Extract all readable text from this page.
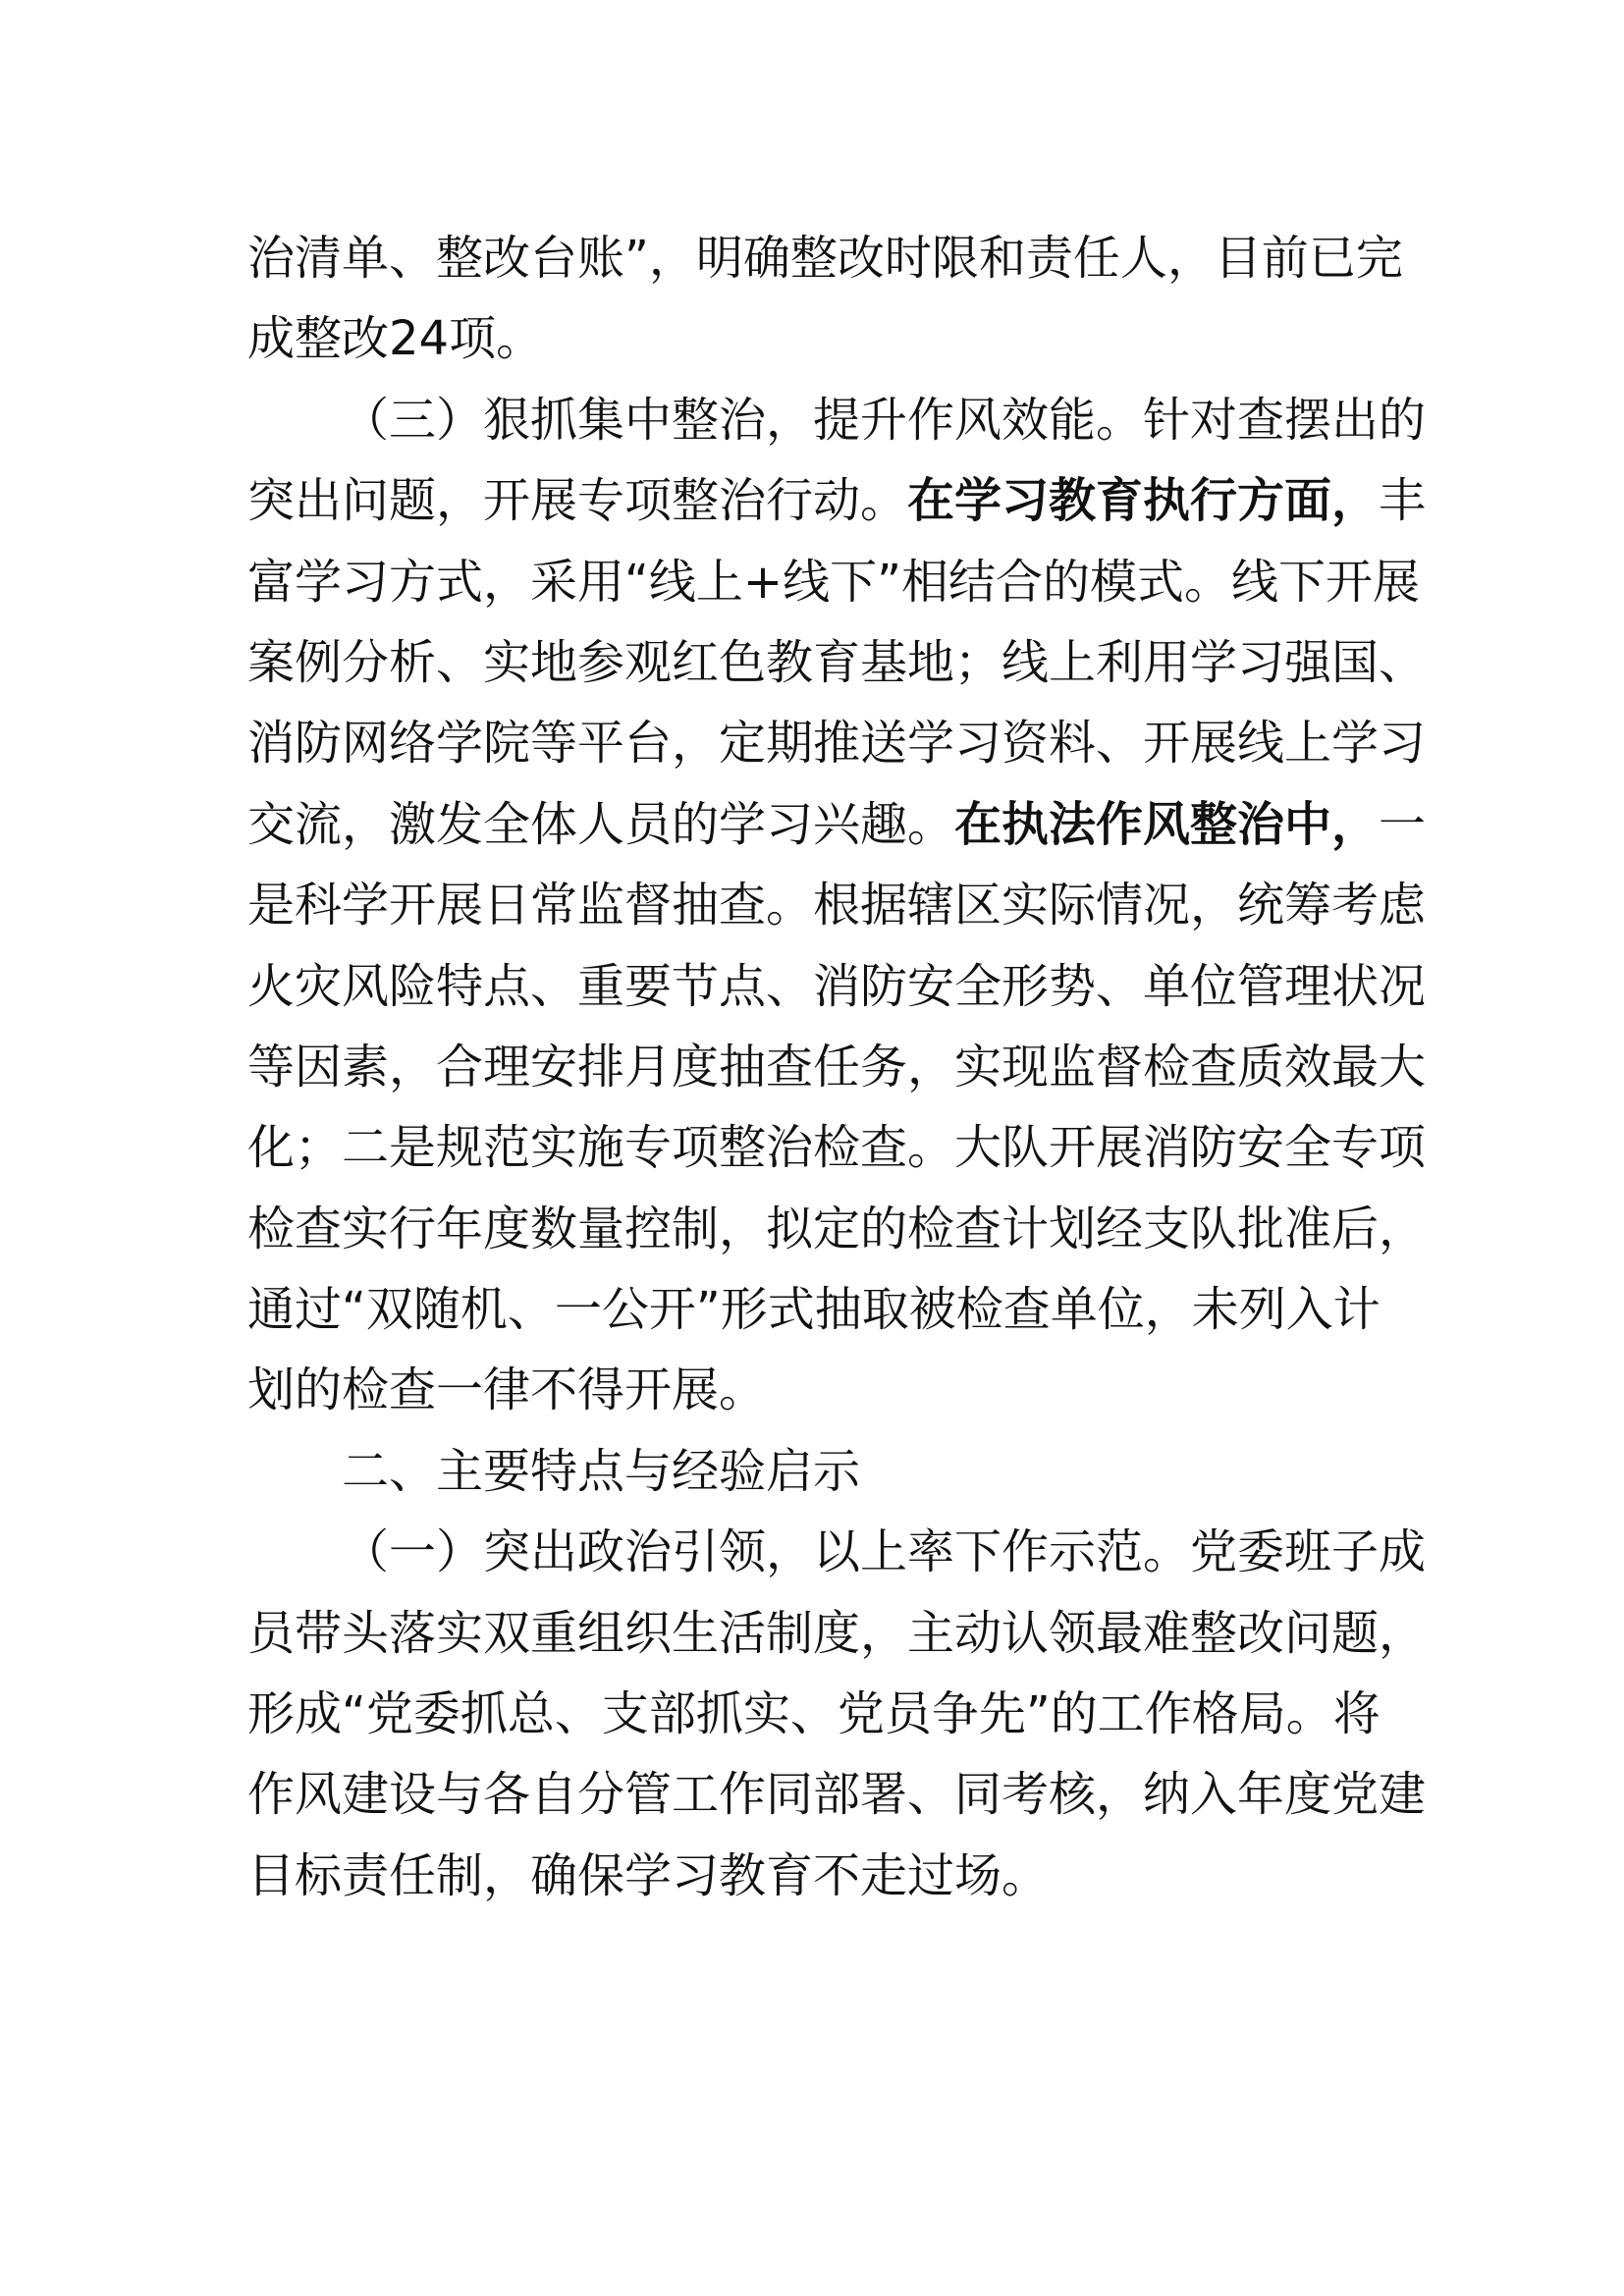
治清单、整改台账”，明确整改时限和责任人，目前已完
成整改24项。
（三）狠抓集中整治，提升作风效能。针对查摆出的
突出问题，开展专项整治行动。在学习教育执行方面，丰
富学习方式，采用“线上+线下”相结合的模式。线下开展
案例分析、实地参观红色教育基地；线上利用学习强国、
消防网络学院等平台，定期推送学习资料、开展线上学习
交流，激发全体人员的学习兴趣。在执法作风整治中，一
是科学开展日常监督抽查。根据辖区实际情况，统筹考虑
火灾风险特点、重要节点、消防安全形势、单位管理状况
等因素，合理安排月度抽查任务，实现监督检查质效最大
化；二是规范实施专项整治检查。大队开展消防安全专项
检查实行年度数量控制，拟定的检查计划经支队批准后，
通过“双随机、一公开”形式抽取被检查单位，未列入计
划的检查一律不得开展。
二、主要特点与经验启示
（一）突出政治引领，以上率下作示范。党委班子成
员带头落实双重组织生活制度，主动认领最难整改问题，
形成“党委抓总、支部抓实、党员争先”的工作格局。将
作风建设与各自分管工作同部署、同考核，纳入年度党建
目标责任制，确保学习教育不走过场。
